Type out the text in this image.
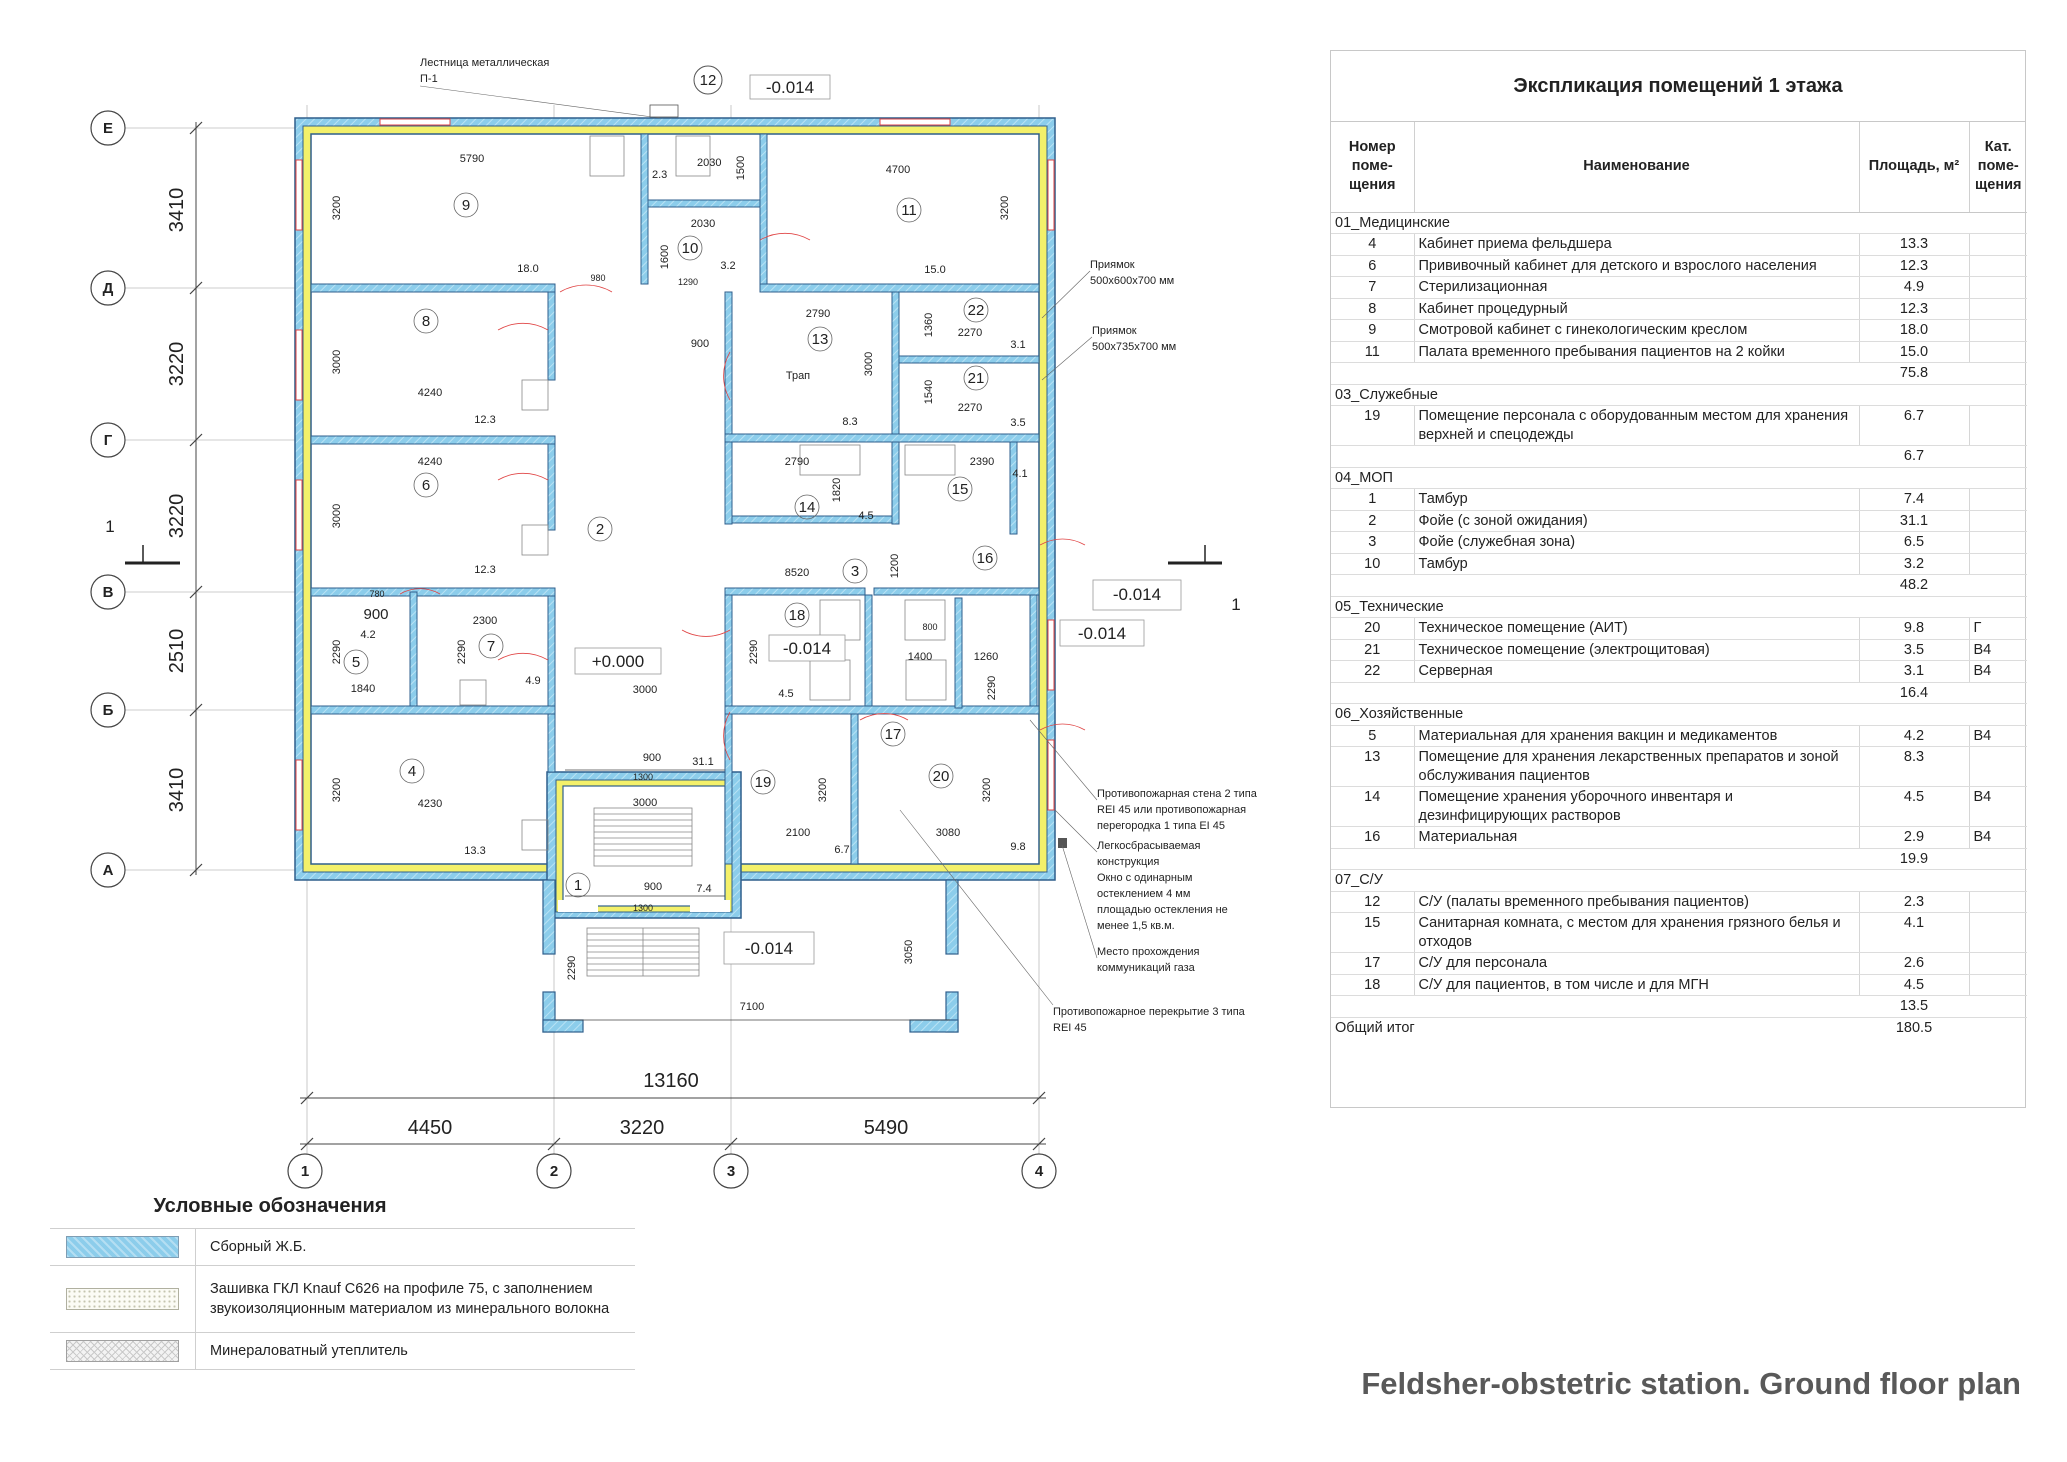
Е
Д
Г
В
Б
А
3410
3220
3220
2510
3410
13160
4450	3220	5490
1	2	3	4
1
1
9
18.0
5790
3200
12
2.3
2030 1500
11
15.0
4700
3200
10
3.2
2030
1600
8
12.3
4240
3000
13
8.3
2790
3000
Трап
22
3.1
2270
1360
21
3.5
2270
1540
6
12.3
4240
3000
2
14	4.5
2790
1820	15
4.1
2390
16
3
8520	1200
5
4.2
1840
2290	7
4.9
2300
2290
18
4.5
2290
17
1400
4
13.3
4230
3200	19
6.7
2100
3200
20
9.8
3080
3200
1	7.4
900
900
900
900
3000
3000
31.1
1300
1300
1260
2290
3050
7100
2290
980	1290
780
800
-0.014
-0.014
-0.014
-0.014
+0.000
-0.014
Лестница металлическая
П-1
Приямок
500х600х700 мм
Приямок
500х735х700 мм
Противопожарная стена 2 типа
REI 45 или противопожарная
перегородка 1 типа EI 45
Легкосбрасываемая
конструкция
Окно с одинарным
остеклением 4 мм
площадью остекления не
менее 1,5 кв.м.
Место прохождения
коммуникаций газа
Противопожарное перекрытие 3 типа
REI 45
Экспликация помещений 1 этажа
Номер поме-щения	Наименование	Площадь, м²	Кат. поме-щения
01_Медицинские			
4	Кабинет приема фельдшера	13.3	
6	Прививочный кабинет для детского и взрослого населения	12.3	
7	Стерилизационная	4.9	
8	Кабинет процедурный	12.3	
9	Смотровой кабинет с гинекологическим креслом	18.0	
11	Палата временного пребывания пациентов на 2 койки	15.0	
		75.8	
03_Служебные			
19	Помещение персонала с оборудованным местом для хранения верхней и спецодежды	6.7	
		6.7	
04_МОП			
1	Тамбур	7.4	
2	Фойе (с зоной ожидания)	31.1	
3	Фойе (служебная зона)	6.5	
10	Тамбур	3.2	
		48.2	
05_Технические			
20	Техническое помещение (АИТ)	9.8	Г
21	Техническое помещение (электрощитовая)	3.5	В4
22	Серверная	3.1	В4
		16.4	
06_Хозяйственные			
5	Материальная для хранения вакцин и медикаментов	4.2	В4
13	Помещение для хранения лекарственных препаратов и зоной обслуживания пациентов	8.3	
14	Помещение хранения уборочного инвентаря и дезинфицирующих растворов	4.5	В4
16	Материальная	2.9	В4
		19.9	
07_С/У			
12	С/У (палаты временного пребывания пациентов)	2.3	
15	Санитарная комната, с местом для хранения грязного белья и отходов	4.1	
17	С/У для персонала	2.6	
18	С/У для пациентов, в том числе и для МГН	4.5	
		13.5	
Общий итог		180.5	
Условные обозначения
Сборный Ж.Б.
Зашивка ГКЛ Knauf C626 на профиле 75, с заполнением звукоизоляционным материалом из минерального волокна
Минераловатный утеплитель
Feldsher-obstetric station. Ground floor plan
